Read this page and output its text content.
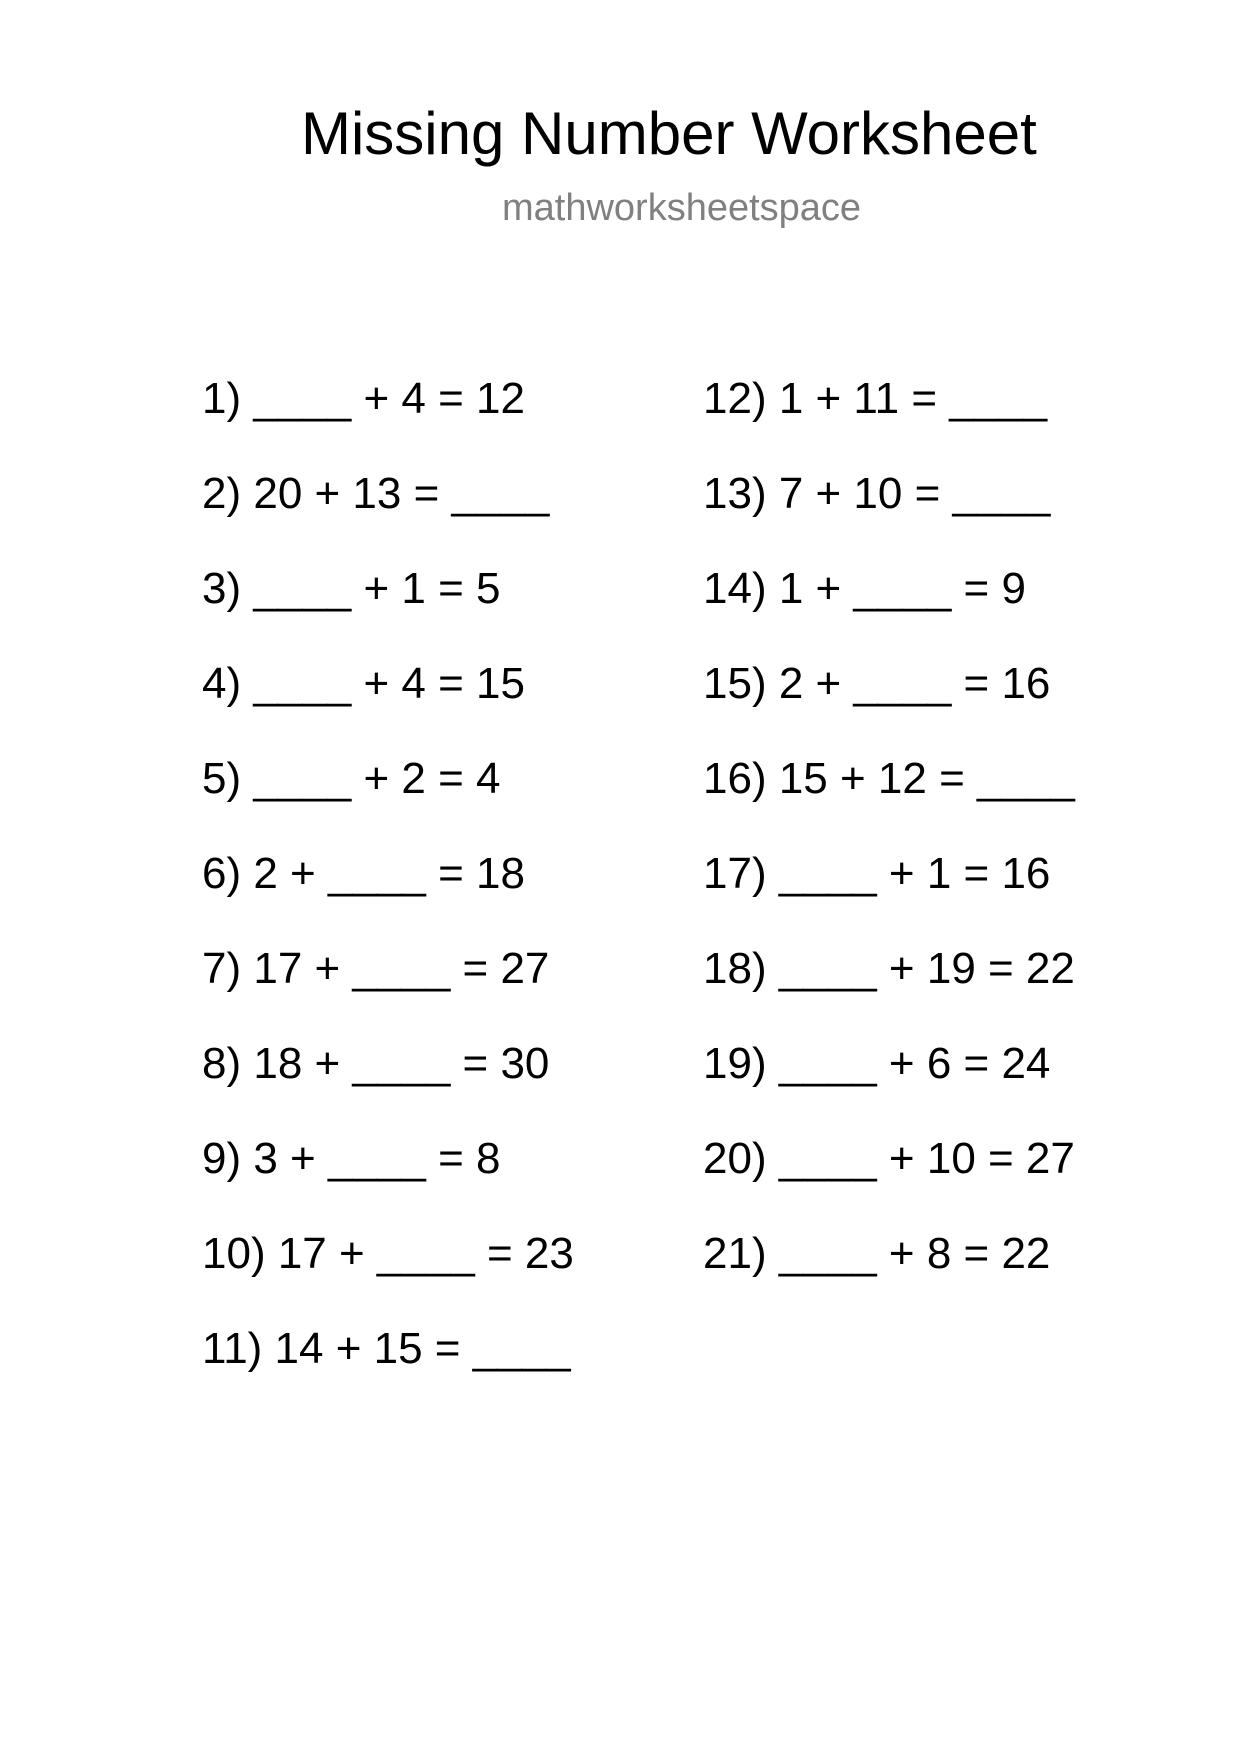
Missing Number Worksheet
mathworksheetspace
1) ____ + 4 = 12
2) 20 + 13 = ____
3) ____ + 1 = 5
4) ____ + 4 = 15
5) ____ + 2 = 4
6) 2 + ____ = 18
7) 17 + ____ = 27
8) 18 + ____ = 30
9) 3 + ____ = 8
10) 17 + ____ = 23
11) 14 + 15 = ____
12) 1 + 11 = ____
13) 7 + 10 = ____
14) 1 + ____ = 9
15) 2 + ____ = 16
16) 15 + 12 = ____
17) ____ + 1 = 16
18) ____ + 19 = 22
19) ____ + 6 = 24
20) ____ + 10 = 27
21) ____ + 8 = 22
